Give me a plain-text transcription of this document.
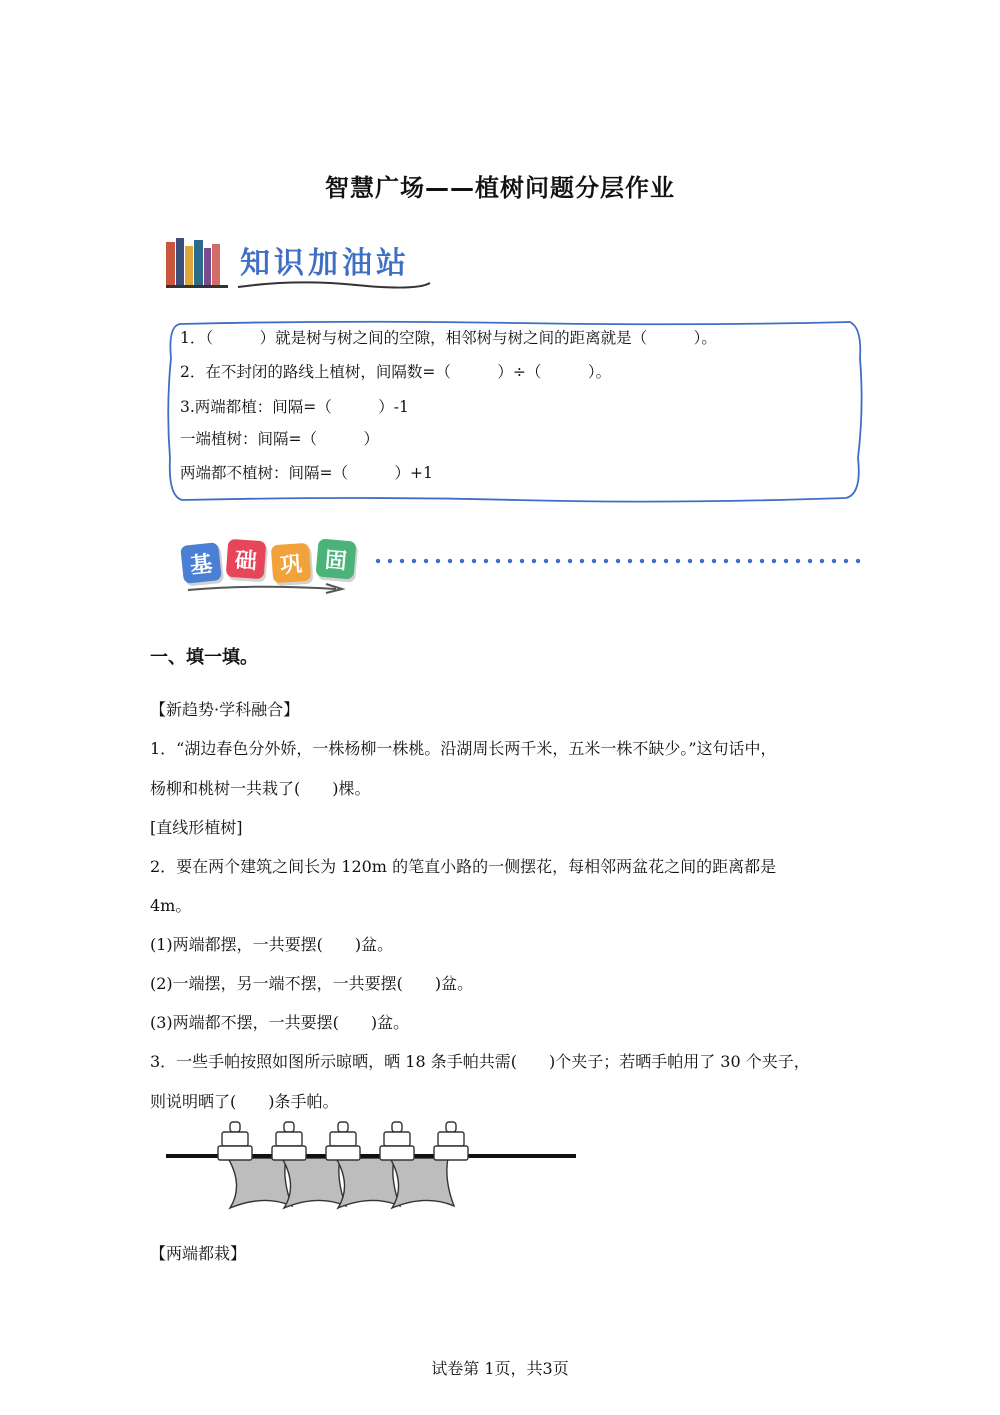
智慧广场——植树问题分层作业
知识加油站
1．（　　　）就是树与树之间的空隙，相邻树与树之间的距离就是（　　　）。
2．在不封闭的路线上植树，间隔数=（　　　）÷（　　　）。
3.两端都植：间隔=（　　　）-1
一端植树：间隔=（　　　）
两端都不植树：间隔=（　　　）+1
基 础 巩 固
一、填一填。
【新趋势·学科融合】
1．“湖边春色分外娇，一株杨柳一株桃。沿湖周长两千米，五米一株不缺少。”这句话中，
杨柳和桃树一共栽了(　　)棵。
[直线形植树]
2．要在两个建筑之间长为 120m 的笔直小路的一侧摆花，每相邻两盆花之间的距离都是
4m。
(1)两端都摆，一共要摆(　　)盆。
(2)一端摆，另一端不摆，一共要摆(　　)盆。
(3)两端都不摆，一共要摆(　　)盆。
3．一些手帕按照如图所示晾晒，晒 18 条手帕共需(　　)个夹子；若晒手帕用了 30 个夹子，
则说明晒了(　　)条手帕。
【两端都栽】
试卷第 1页，共3页
